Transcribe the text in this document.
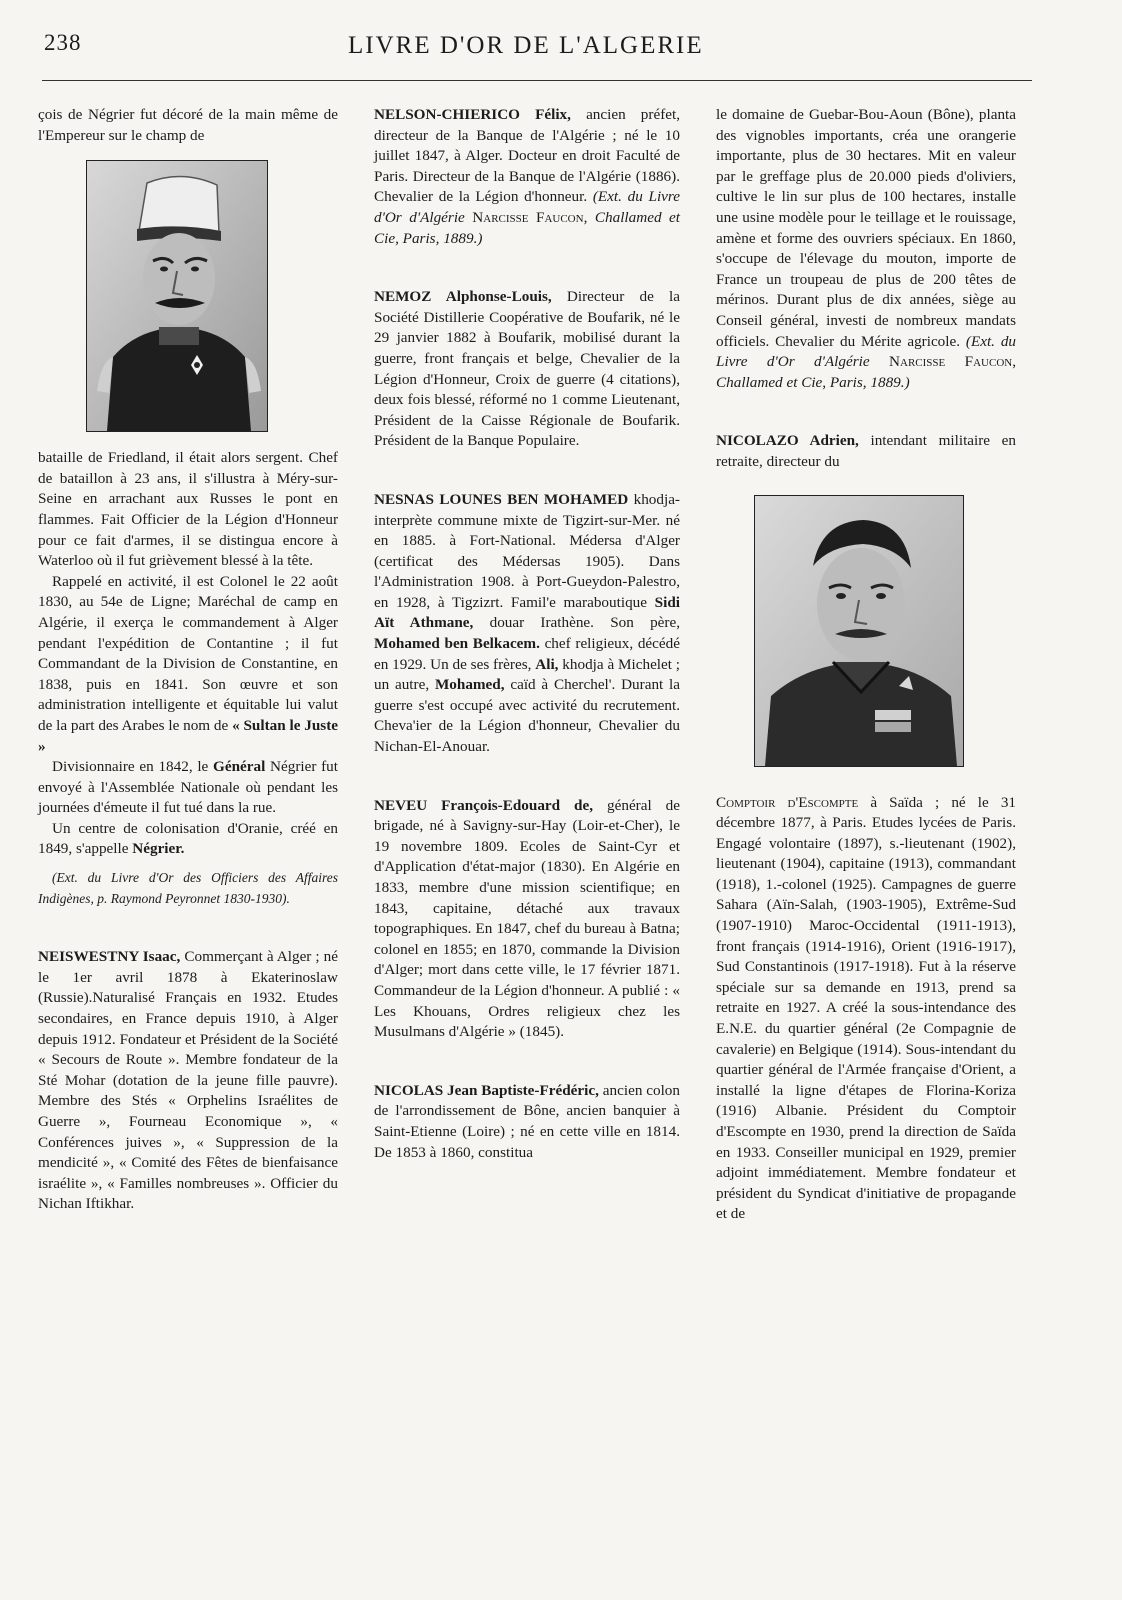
238	LIVRE D'OR DE L'ALGERIE

çois de Négrier fut décoré de la main même de l'Empereur sur le champ de

bataille de Friedland, il était alors sergent. Chef de bataillon à 23 ans, il s'illustra à Méry-sur-Seine en arrachant aux Russes le pont en flammes. Fait Officier de la Légion d'Honneur pour ce fait d'armes, il se distingua encore à Waterloo où il fut grièvement blessé à la tête.

Rappelé en activité, il est Colonel le 22 août 1830, au 54e de Ligne; Maréchal de camp en Algérie, il exerça le commandement à Alger pendant l'expédition de Contantine ; il fut Commandant de la Division de Constantine, en 1838, puis en 1841. Son œuvre et son administration intelligente et équitable lui valut de la part des Arabes le nom de « Sultan le Juste »

Divisionnaire en 1842, le Général Négrier fut envoyé à l'Assemblée Nationale où pendant les journées d'émeute il fut tué dans la rue.

Un centre de colonisation d'Oranie, créé en 1849, s'appelle Négrier.

(Ext. du Livre d'Or des Officiers des Affaires Indigènes, p. Raymond Peyronnet 1830-1930).

NEISWESTNY Isaac, Commerçant à Alger ; né le 1er avril 1878 à Ekaterinoslaw (Russie).Naturalisé Français en 1932. Etudes secondaires, en France depuis 1910, à Alger depuis 1912. Fondateur et Président de la Société « Secours de Route ». Membre fondateur de la Sté Mohar (dotation de la jeune fille pauvre). Membre des Stés « Orphelins Israélites de Guerre », Fourneau Economique », « Conférences juives », « Suppression de la mendicité », « Comité des Fêtes de bienfaisance israélite », « Familles nombreuses ». Officier du Nichan Iftikhar.

NELSON-CHIERICO Félix, ancien préfet, directeur de la Banque de l'Algérie ; né le 10 juillet 1847, à Alger. Docteur en droit Faculté de Paris. Directeur de la Banque de l'Algérie (1886). Chevalier de la Légion d'honneur. (Ext. du Livre d'Or d'Algérie Narcisse Faucon, Challamed et Cie, Paris, 1889.)

NEMOZ Alphonse-Louis, Directeur de la Société Distillerie Coopérative de Boufarik, né le 29 janvier 1882 à Boufarik, mobilisé durant la guerre, front français et belge, Chevalier de la Légion d'Honneur, Croix de guerre (4 citations), deux fois blessé, réformé no 1 comme Lieutenant, Président de la Caisse Régionale de Boufarik. Président de la Banque Populaire.

NESNAS LOUNES BEN MOHAMED khodja-interprète commune mixte de Tigzirt-sur-Mer. né en 1885. à Fort-National. Médersa d'Alger (certificat des Médersas 1905). Dans l'Administration 1908. à Port-Gueydon-Palestro, en 1928, à Tigzizrt. Famil'e maraboutique Sidi Aït Athmane, douar Irathène. Son père, Mohamed ben Belkacem. chef religieux, décédé en 1929. Un de ses frères, Ali, khodja à Michelet ; un autre, Mohamed, caïd à Cherchel'. Durant la guerre s'est occupé avec activité du recrutement. Cheva'ier de la Légion d'honneur, Chevalier du Nichan-El-Anouar.

NEVEU François-Edouard de, général de brigade, né à Savigny-sur-Hay (Loir-et-Cher), le 19 novembre 1809. Ecoles de Saint-Cyr et d'Application d'état-major (1830). En Algérie en 1833, membre d'une mission scientifique; en 1843, capitaine, détaché aux travaux topographiques. En 1847, chef du bureau à Batna; colonel en 1855; en 1870, commande la Division d'Alger; mort dans cette ville, le 17 février 1871. Commandeur de la Légion d'honneur. A publié : « Les Khouans, Ordres religieux chez les Musulmans d'Algérie » (1845).

NICOLAS Jean Baptiste-Frédéric, ancien colon de l'arrondissement de Bône, ancien banquier à Saint-Etienne (Loire) ; né en cette ville en 1814. De 1853 à 1860, constitua

le domaine de Guebar-Bou-Aoun (Bône), planta des vignobles importants, créa une orangerie importante, plus de 30 hectares. Mit en valeur par le greffage plus de 20.000 pieds d'oliviers, cultive le lin sur plus de 100 hectares, installe une usine modèle pour le teillage et le rouissage, amène et forme des ouvriers spéciaux. En 1860, s'occupe de l'élevage du mouton, importe de France un troupeau de plus de 200 têtes de mérinos. Durant plus de dix années, siège au Conseil général, investi de nombreux mandats officiels. Chevalier du Mérite agricole. (Ext. du Livre d'Or d'Algérie Narcisse Faucon, Challamed et Cie, Paris, 1889.)

NICOLAZO Adrien, intendant militaire en retraite, directeur du

Comptoir d'Escompte à Saïda ; né le 31 décembre 1877, à Paris. Etudes lycées de Paris. Engagé volontaire (1897), s.-lieutenant (1902), lieutenant (1904), capitaine (1913), commandant (1918), 1.-colonel (1925). Campagnes de guerre Sahara (Aïn-Salah, (1903-1905), Extrême-Sud (1907-1910) Maroc-Occidental (1911-1913), front français (1914-1916), Orient (1916-1917), Sud Constantinois (1917-1918). Fut à la réserve spéciale sur sa demande en 1913, prend sa retraite en 1927. A créé la sous-intendance des E.N.E. du quartier général (2e Compagnie de cavalerie) en Belgique (1914). Sous-intendant du quartier général de l'Armée française d'Orient, a installé la ligne d'étapes de Florina-Koriza (1916) Albanie. Président du Comptoir d'Escompte en 1930, prend la direction de Saïda en 1933. Conseiller municipal en 1929, premier adjoint immédiatement. Membre fondateur et président du Syndicat d'initiative de propagande et de
